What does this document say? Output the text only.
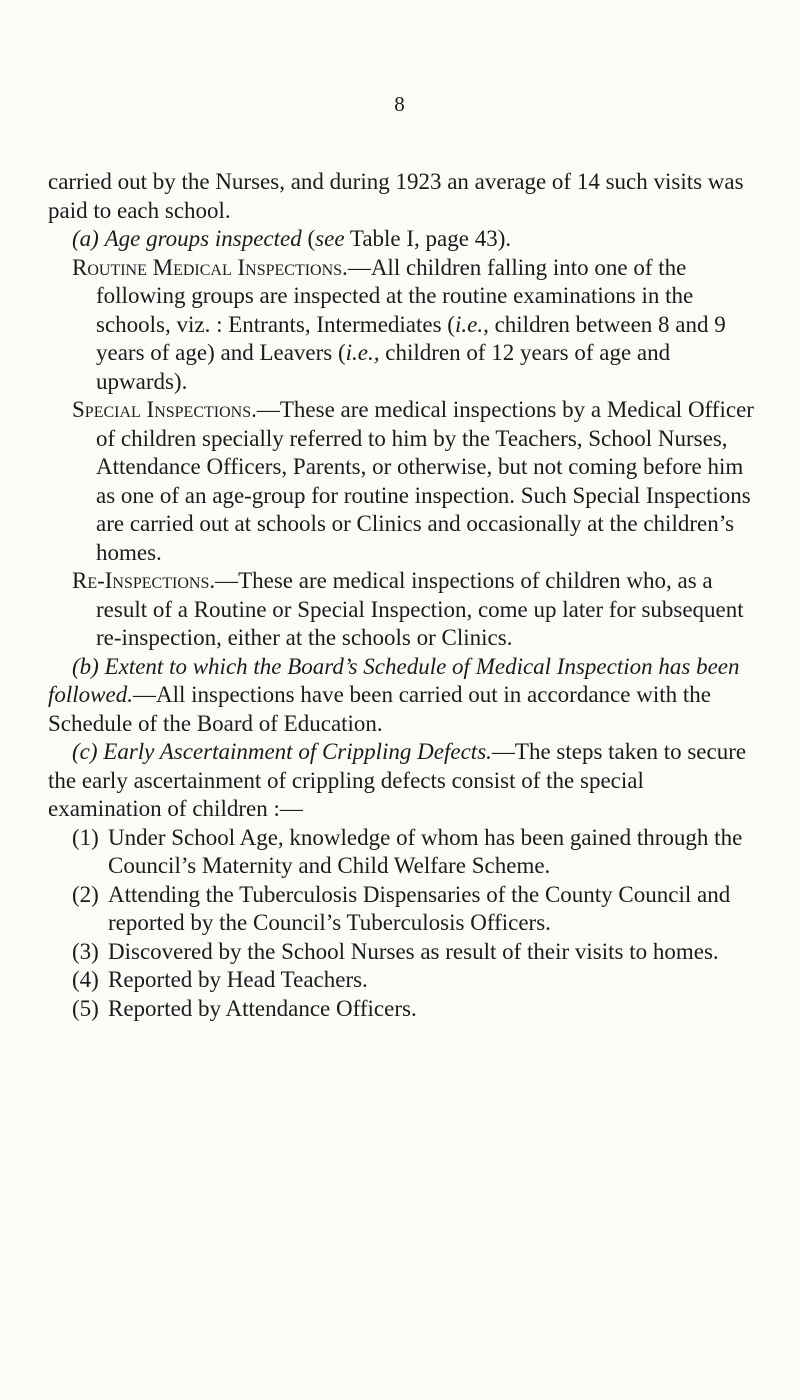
8

carried out by the Nurses, and during 1923 an average of 14 such visits was paid to each school.

(a) Age groups inspected (see Table I, page 43).

Routine Medical Inspections.—All children falling into one of the following groups are inspected at the routine examinations in the schools, viz. : Entrants, Intermediates (i.e., children between 8 and 9 years of age) and Leavers (i.e., children of 12 years of age and upwards).

Special Inspections.—These are medical inspections by a Medical Officer of children specially referred to him by the Teachers, School Nurses, Attendance Officers, Parents, or otherwise, but not coming before him as one of an age-group for routine inspection. Such Special Inspections are carried out at schools or Clinics and occasionally at the children’s homes.

Re-Inspections.—These are medical inspections of children who, as a result of a Routine or Special Inspection, come up later for subsequent re-inspection, either at the schools or Clinics.

(b) Extent to which the Board’s Schedule of Medical Inspection has been followed.—All inspections have been carried out in accordance with the Schedule of the Board of Education.

(c) Early Ascertainment of Crippling Defects.—The steps taken to secure the early ascertainment of crippling defects consist of the special examination of children :—

(1) Under School Age, knowledge of whom has been gained through the Council’s Maternity and Child Welfare Scheme.

(2) Attending the Tuberculosis Dispensaries of the County Council and reported by the Council’s Tuberculosis Officers.

(3) Discovered by the School Nurses as result of their visits to homes.

(4) Reported by Head Teachers.

(5) Reported by Attendance Officers.
